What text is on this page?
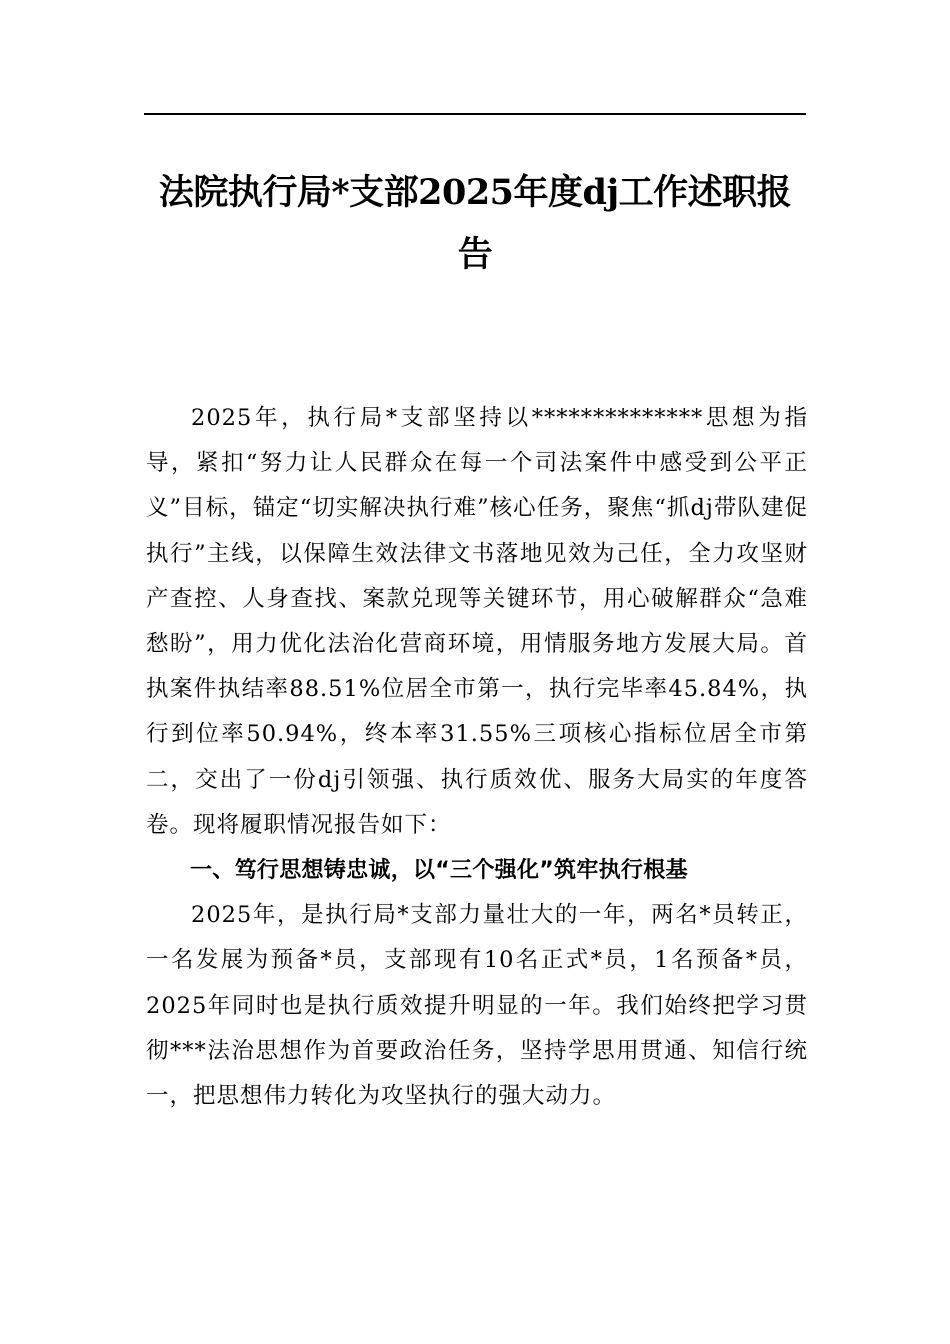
法院执行局*支部2025年度dj工作述职报告

2025年，执行局*支部坚持以**************思想为指导，紧扣“努力让人民群众在每一个司法案件中感受到公平正义”目标，锚定“切实解决执行难”核心任务，聚焦“抓dj带队建促执行”主线，以保障生效法律文书落地见效为己任，全力攻坚财产查控、人身查找、案款兑现等关键环节，用心破解群众“急难愁盼”，用力优化法治化营商环境，用情服务地方发展大局。首执案件执结率88.51%位居全市第一，执行完毕率45.84%，执行到位率50.94%，终本率31.55%三项核心指标位居全市第二，交出了一份dj引领强、执行质效优、服务大局实的年度答卷。现将履职情况报告如下：

一、笃行思想铸忠诚，以“三个强化”筑牢执行根基

2025年，是执行局*支部力量壮大的一年，两名*员转正，一名发展为预备*员，支部现有10名正式*员，1名预备*员，2025年同时也是执行质效提升明显的一年。我们始终把学习贯彻***法治思想作为首要政治任务，坚持学思用贯通、知信行统一，把思想伟力转化为攻坚执行的强大动力。
